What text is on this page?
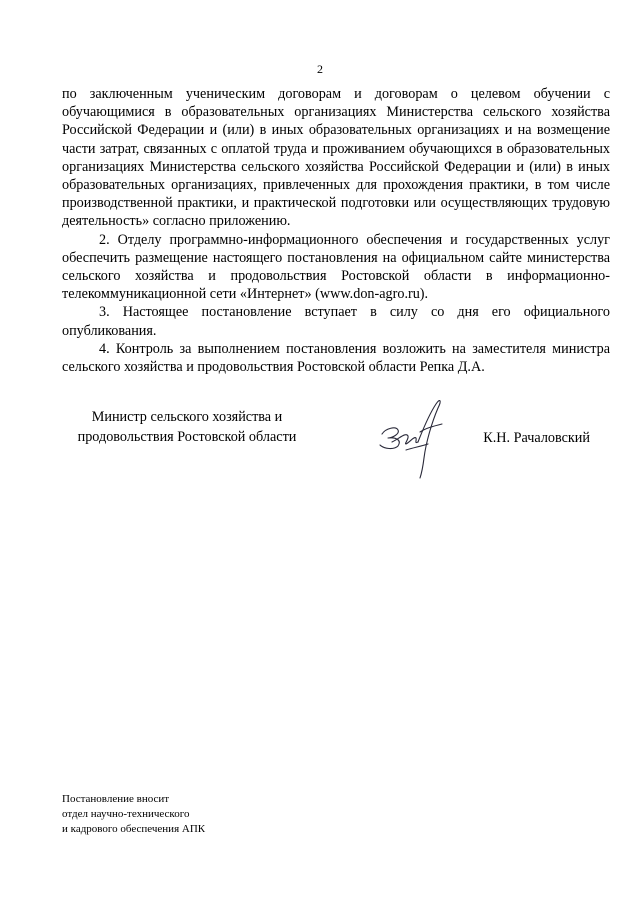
2

по заключенным ученическим договорам и договорам о целевом обучении с обучающимися в образовательных организациях Министерства сельского хозяйства Российской Федерации и (или) в иных образовательных организациях и на возмещение части затрат, связанных с оплатой труда и проживанием обучающихся в образовательных организациях Министерства сельского хозяйства Российской Федерации и (или) в иных образовательных организациях, привлеченных для прохождения практики, в том числе производственной практики, и практической подготовки или осуществляющих трудовую деятельность» согласно приложению.

2. Отделу программно-информационного обеспечения и государственных услуг обеспечить размещение настоящего постановления на официальном сайте министерства сельского хозяйства и продовольствия Ростовской области в информационно-телекоммуникационной сети «Интернет» (www.don-agro.ru).

3. Настоящее постановление вступает в силу со дня его официального опубликования.

4. Контроль за выполнением постановления возложить на заместителя министра сельского хозяйства и продовольствия Ростовской области Репка Д.А.

Министр сельского хозяйства и
продовольствия Ростовской области	К.Н. Рачаловский
Постановление вносит
отдел научно-технического
и кадрового обеспечения АПК
